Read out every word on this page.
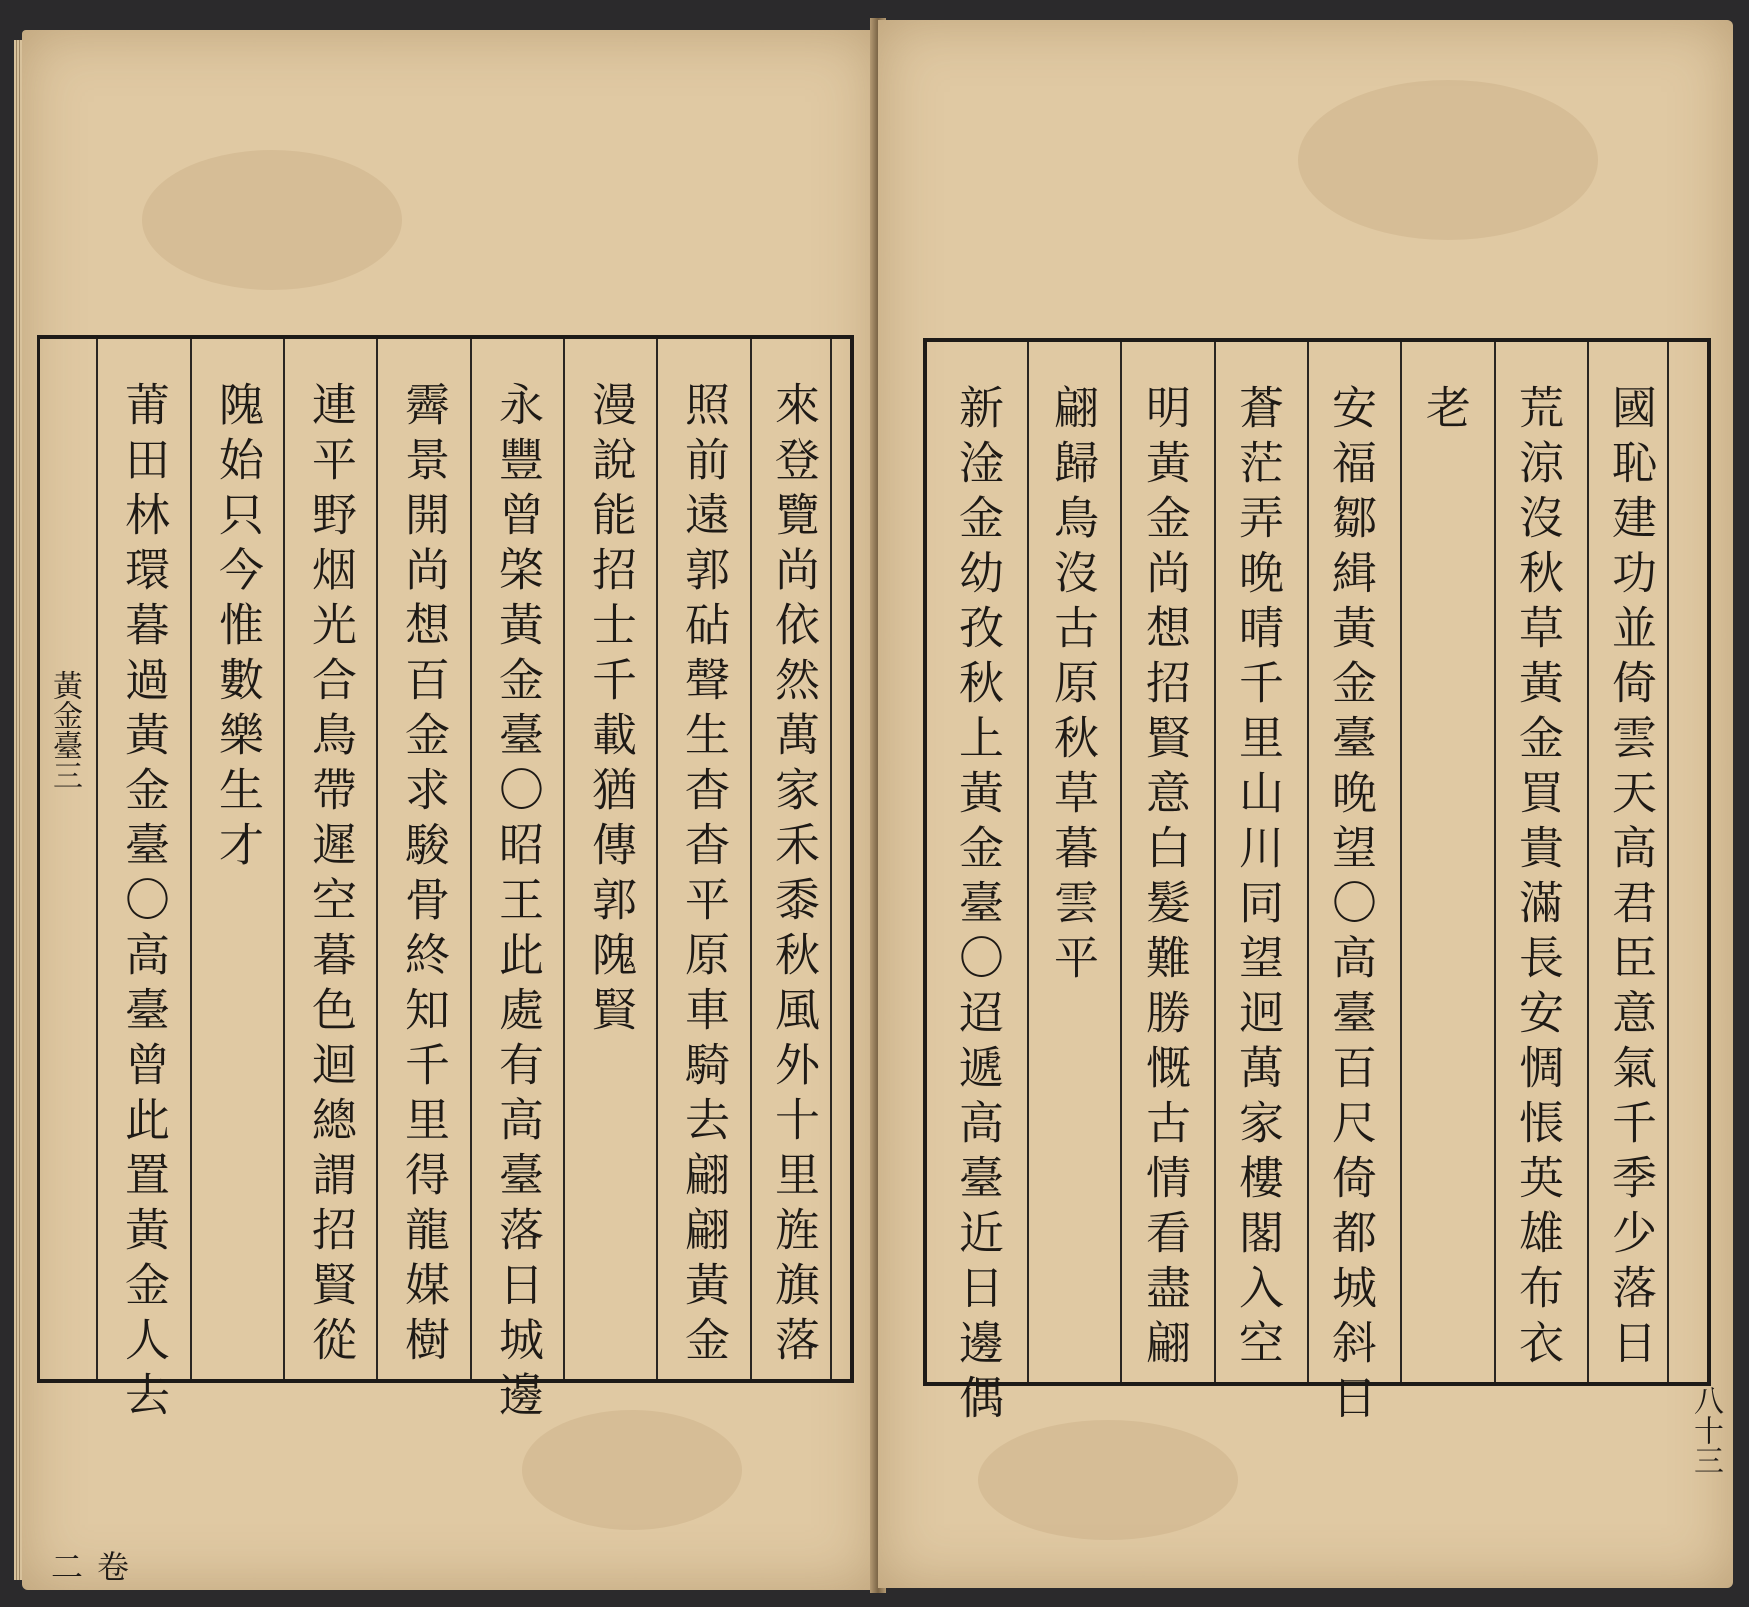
黃金臺三
卷二
來登覽尚依然萬家禾黍秋風外十里旌旗落
照前遠郭砧聲生杳杳平原車騎去翩翩黃金
漫說能招士千載猶傳郭隗賢
永豐曾棨黃金臺〇昭王此處有高臺落日城邊
霽景開尚想百金求駿骨終知千里得龍媒樹
連平野烟光合鳥帶遲空暮色迴總謂招賢從
隗始只今惟數樂生才
莆田林環暮過黃金臺〇高臺曾此置黃金人去	國恥建功並倚雲天高君臣意氣千季少落日
荒涼沒秋草黃金買貴滿長安惆悵英雄布衣
老
安福鄒緝黃金臺晚望〇高臺百尺倚都城斜日
蒼茫弄晚晴千里山川同望迥萬家樓閣入空
明黃金尚想招賢意白髮難勝慨古情看盡翩
翩歸鳥沒古原秋草暮雲平
新淦金幼孜秋上黃金臺〇迢遞高臺近日邊偶
八十三
